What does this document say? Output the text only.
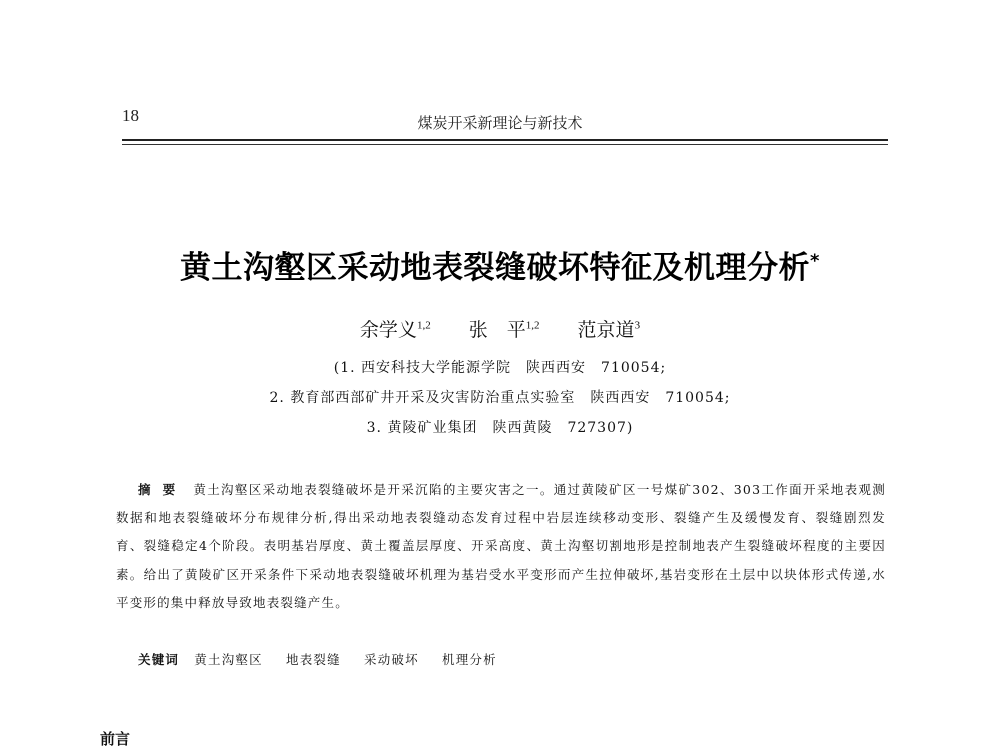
18	煤炭开采新理论与新技术
黄土沟壑区采动地表裂缝破坏特征及机理分析*
余学义$^{1,2}$ 张　平$^{1,2}$ 范京道$^3$
(1. 西安科技大学能源学院　陕西西安　710054;
2. 教育部西部矿井开采及灾害防治重点实验室　陕西西安　710054;
3. 黄陵矿业集团　陕西黄陵　727307)
摘要 黄土沟壑区采动地表裂缝破坏是开采沉陷的主要灾害之一。通过黄陵矿区一号煤矿302、303工作面开采地表观测数据和地表裂缝破坏分布规律分析,得出采动地表裂缝动态发育过程中岩层连续移动变形、裂缝产生及缓慢发育、裂缝剧烈发育、裂缝稳定4个阶段。表明基岩厚度、黄土覆盖层厚度、开采高度、黄土沟壑切割地形是控制地表产生裂缝破坏程度的主要因素。给出了黄陵矿区开采条件下采动地表裂缝破坏机理为基岩受水平变形而产生拉伸破坏,基岩变形在土层中以块体形式传递,水平变形的集中释放导致地表裂缝产生。
关键词 黄土沟壑区 地表裂缝 采动破坏 机理分析
前言
